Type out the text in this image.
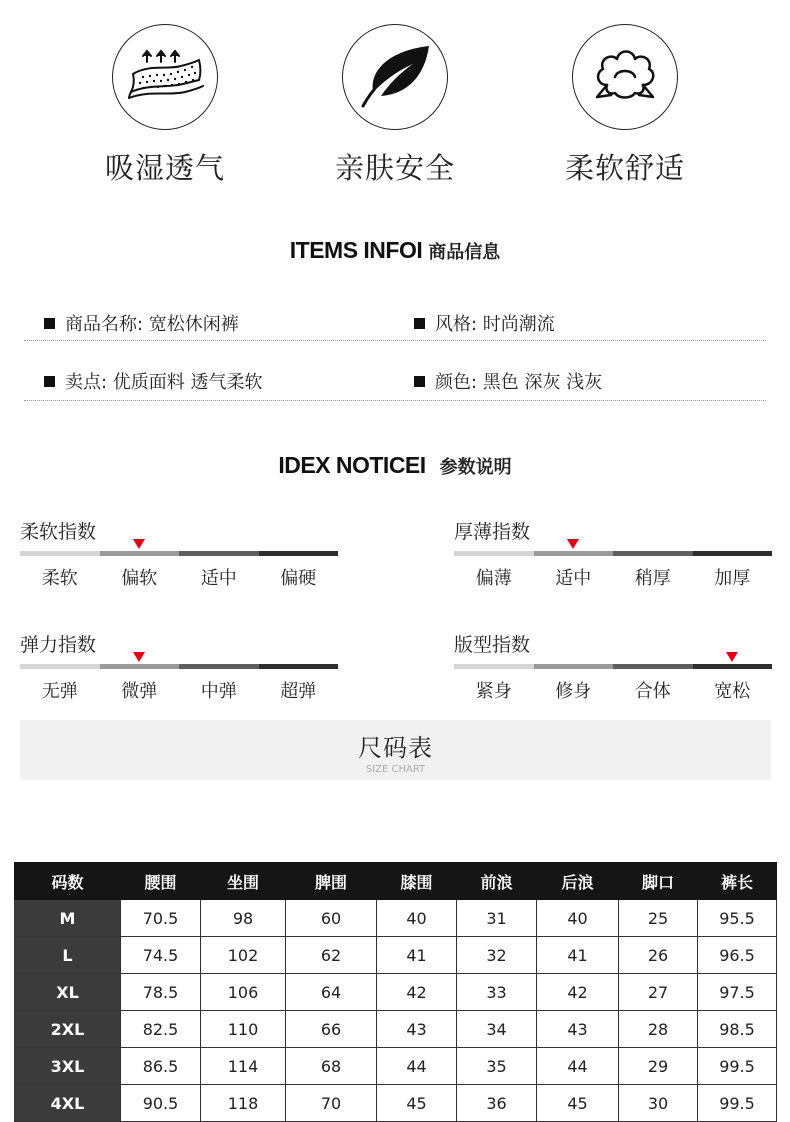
吸湿透气	亲肤安全	柔软舒适
ITEMS INFOI 商品信息
商品名称: 宽松休闲裤	风格: 时尚潮流
卖点: 优质面料 透气柔软	颜色: 黑色 深灰 浅灰
IDEX NOTICEI 参数说明
柔软指数
柔软	偏软	适中	偏硬
厚薄指数
偏薄	适中	稍厚	加厚
弹力指数
无弹	微弹	中弹	超弹
版型指数
紧身	修身	合体	宽松
尺码表
SIZE CHART
码数	腰围	坐围	脾围	膝围	前浪	后浪	脚口	裤长
M	70.5	98	60	40	31	40	25	95.5
L	74.5	102	62	41	32	41	26	96.5
XL	78.5	106	64	42	33	42	27	97.5
2XL	82.5	110	66	43	34	43	28	98.5
3XL	86.5	114	68	44	35	44	29	99.5
4XL	90.5	118	70	45	36	45	30	99.5
